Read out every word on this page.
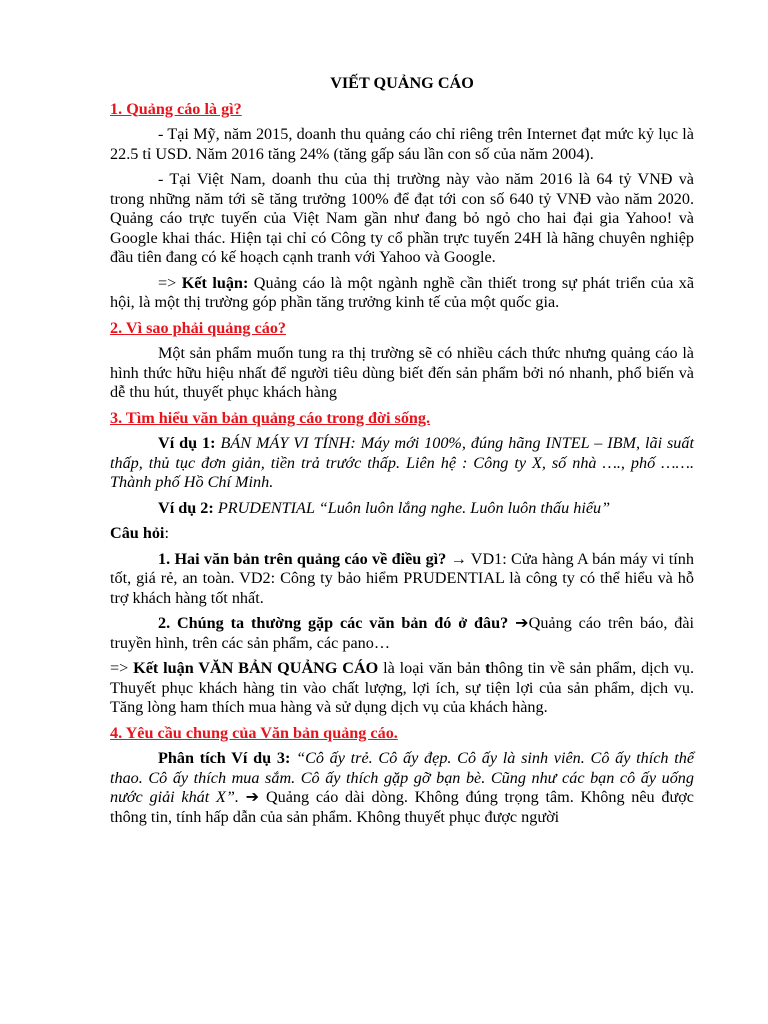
VIẾT QUẢNG CÁO
1. Quảng cáo là gì?

- Tại Mỹ, năm 2015, doanh thu quảng cáo chỉ riêng trên Internet đạt mức kỷ lục là 22.5 tỉ USD. Năm 2016 tăng 24% (tăng gấp sáu lần con số của năm 2004).

- Tại Việt Nam, doanh thu của thị trường này vào năm 2016 là 64 tỷ VNĐ và trong những năm tới sẽ tăng trưởng 100% để đạt tới con số 640 tỷ VNĐ vào năm 2020. Quảng cáo trực tuyến của Việt Nam gần như đang bỏ ngỏ cho hai đại gia Yahoo! và Google khai thác. Hiện tại chỉ có Công ty cổ phần trực tuyến 24H là hãng chuyên nghiệp đầu tiên đang có kế hoạch cạnh tranh với Yahoo và Google.

=> Kết luận: Quảng cáo là một ngành nghề cần thiết trong sự phát triển của xã hội, là một thị trường góp phần tăng trưởng kinh tế của một quốc gia.

2. Vì sao phải quảng cáo?

Một sản phẩm muốn tung ra thị trường sẽ có nhiều cách thức nhưng quảng cáo là hình thức hữu hiệu nhất để người tiêu dùng biết đến sản phẩm bởi nó nhanh, phổ biến và dễ thu hút, thuyết phục khách hàng

3. Tìm hiểu văn bản quảng cáo trong đời sống.

Ví dụ 1: BÁN MÁY VI TÍNH: Máy mới 100%, đúng hãng INTEL – IBM, lãi suất thấp, thủ tục đơn giản, tiền trả trước thấp. Liên hệ : Công ty X, số nhà …., phố ……. Thành phố Hồ Chí Minh.

Ví dụ 2: PRUDENTIAL “Luôn luôn lắng nghe. Luôn luôn thấu hiểu”

Câu hỏi:

1. Hai văn bản trên quảng cáo về điều gì? → VD1: Cửa hàng A bán máy vi tính tốt, giá rẻ, an toàn. VD2: Công ty bảo hiểm PRUDENTIAL là công ty có thể hiểu và hỗ trợ khách hàng tốt nhất.

2. Chúng ta thường gặp các văn bản đó ở đâu? ➔Quảng cáo trên báo, đài truyền hình, trên các sản phẩm, các pano…

=> Kết luận VĂN BẢN QUẢNG CÁO là loại văn bản thông tin về sản phẩm, dịch vụ. Thuyết phục khách hàng tin vào chất lượng, lợi ích, sự tiện lợi của sản phẩm, dịch vụ. Tăng lòng ham thích mua hàng và sử dụng dịch vụ của khách hàng.

4. Yêu cầu chung của Văn bản quảng cáo.

Phân tích Ví dụ 3: “Cô ấy trẻ. Cô ấy đẹp. Cô ấy là sinh viên. Cô ấy thích thể thao. Cô ấy thích mua sắm. Cô ấy thích gặp gỡ bạn bè. Cũng như các bạn cô ấy uống nước giải khát X”. ➔ Quảng cáo dài dòng. Không đúng trọng tâm. Không nêu được thông tin, tính hấp dẫn của sản phẩm. Không thuyết phục được người
